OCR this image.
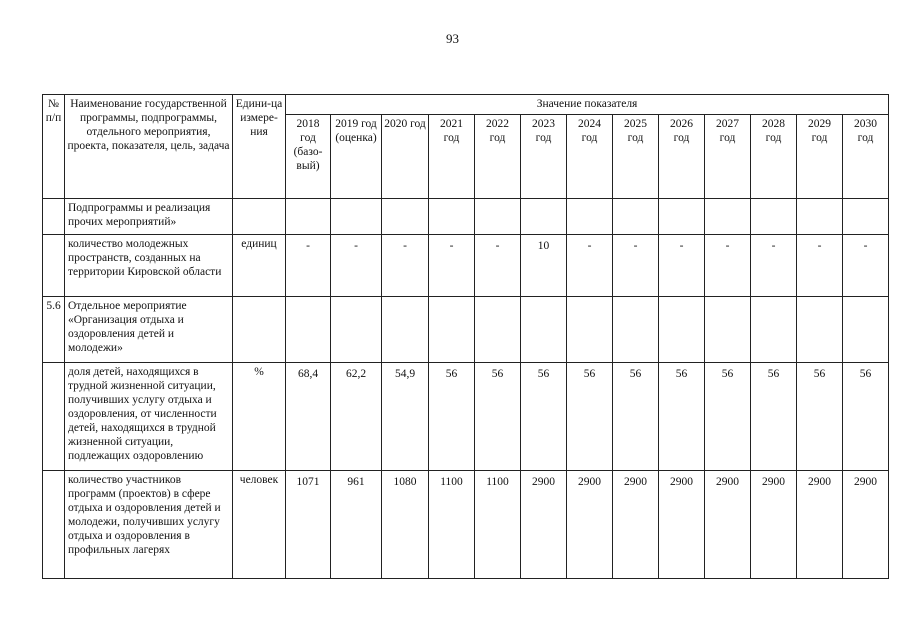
93
№ п/п	Наименование государственной программы, подпрограммы, отдельного мероприятия, проекта, показателя, цель, задача	Едини-ца измере-ния	Значение показателя												
			2018 год (базо-вый)	2019 год (оценка)	2020 год	2021 год	2022 год	2023 год	2024 год	2025 год	2026 год	2027 год	2028 год	2029 год	2030 год
	Подпрограммы и реализация прочих мероприятий»														
	количество молодежных пространств, созданных на территории Кировской области	единиц	-	-	-	-	-	10	-	-	-	-	-	-	-
5.6	Отдельное мероприятие «Организация отдыха и оздоровления детей и молодежи»														
	доля детей, находящихся в трудной жизненной ситуации, получивших услугу отдыха и оздоровления, от численности детей, находящихся в трудной жизненной ситуации, подлежащих оздоровлению	%	68,4	62,2	54,9	56	56	56	56	56	56	56	56	56	56
	количество участников программ (проектов) в сфере отдыха и оздоровления детей и молодежи, получивших услугу отдыха и оздоровления в профильных лагерях	человек	1071	961	1080	1100	1100	2900	2900	2900	2900	2900	2900	2900	2900
